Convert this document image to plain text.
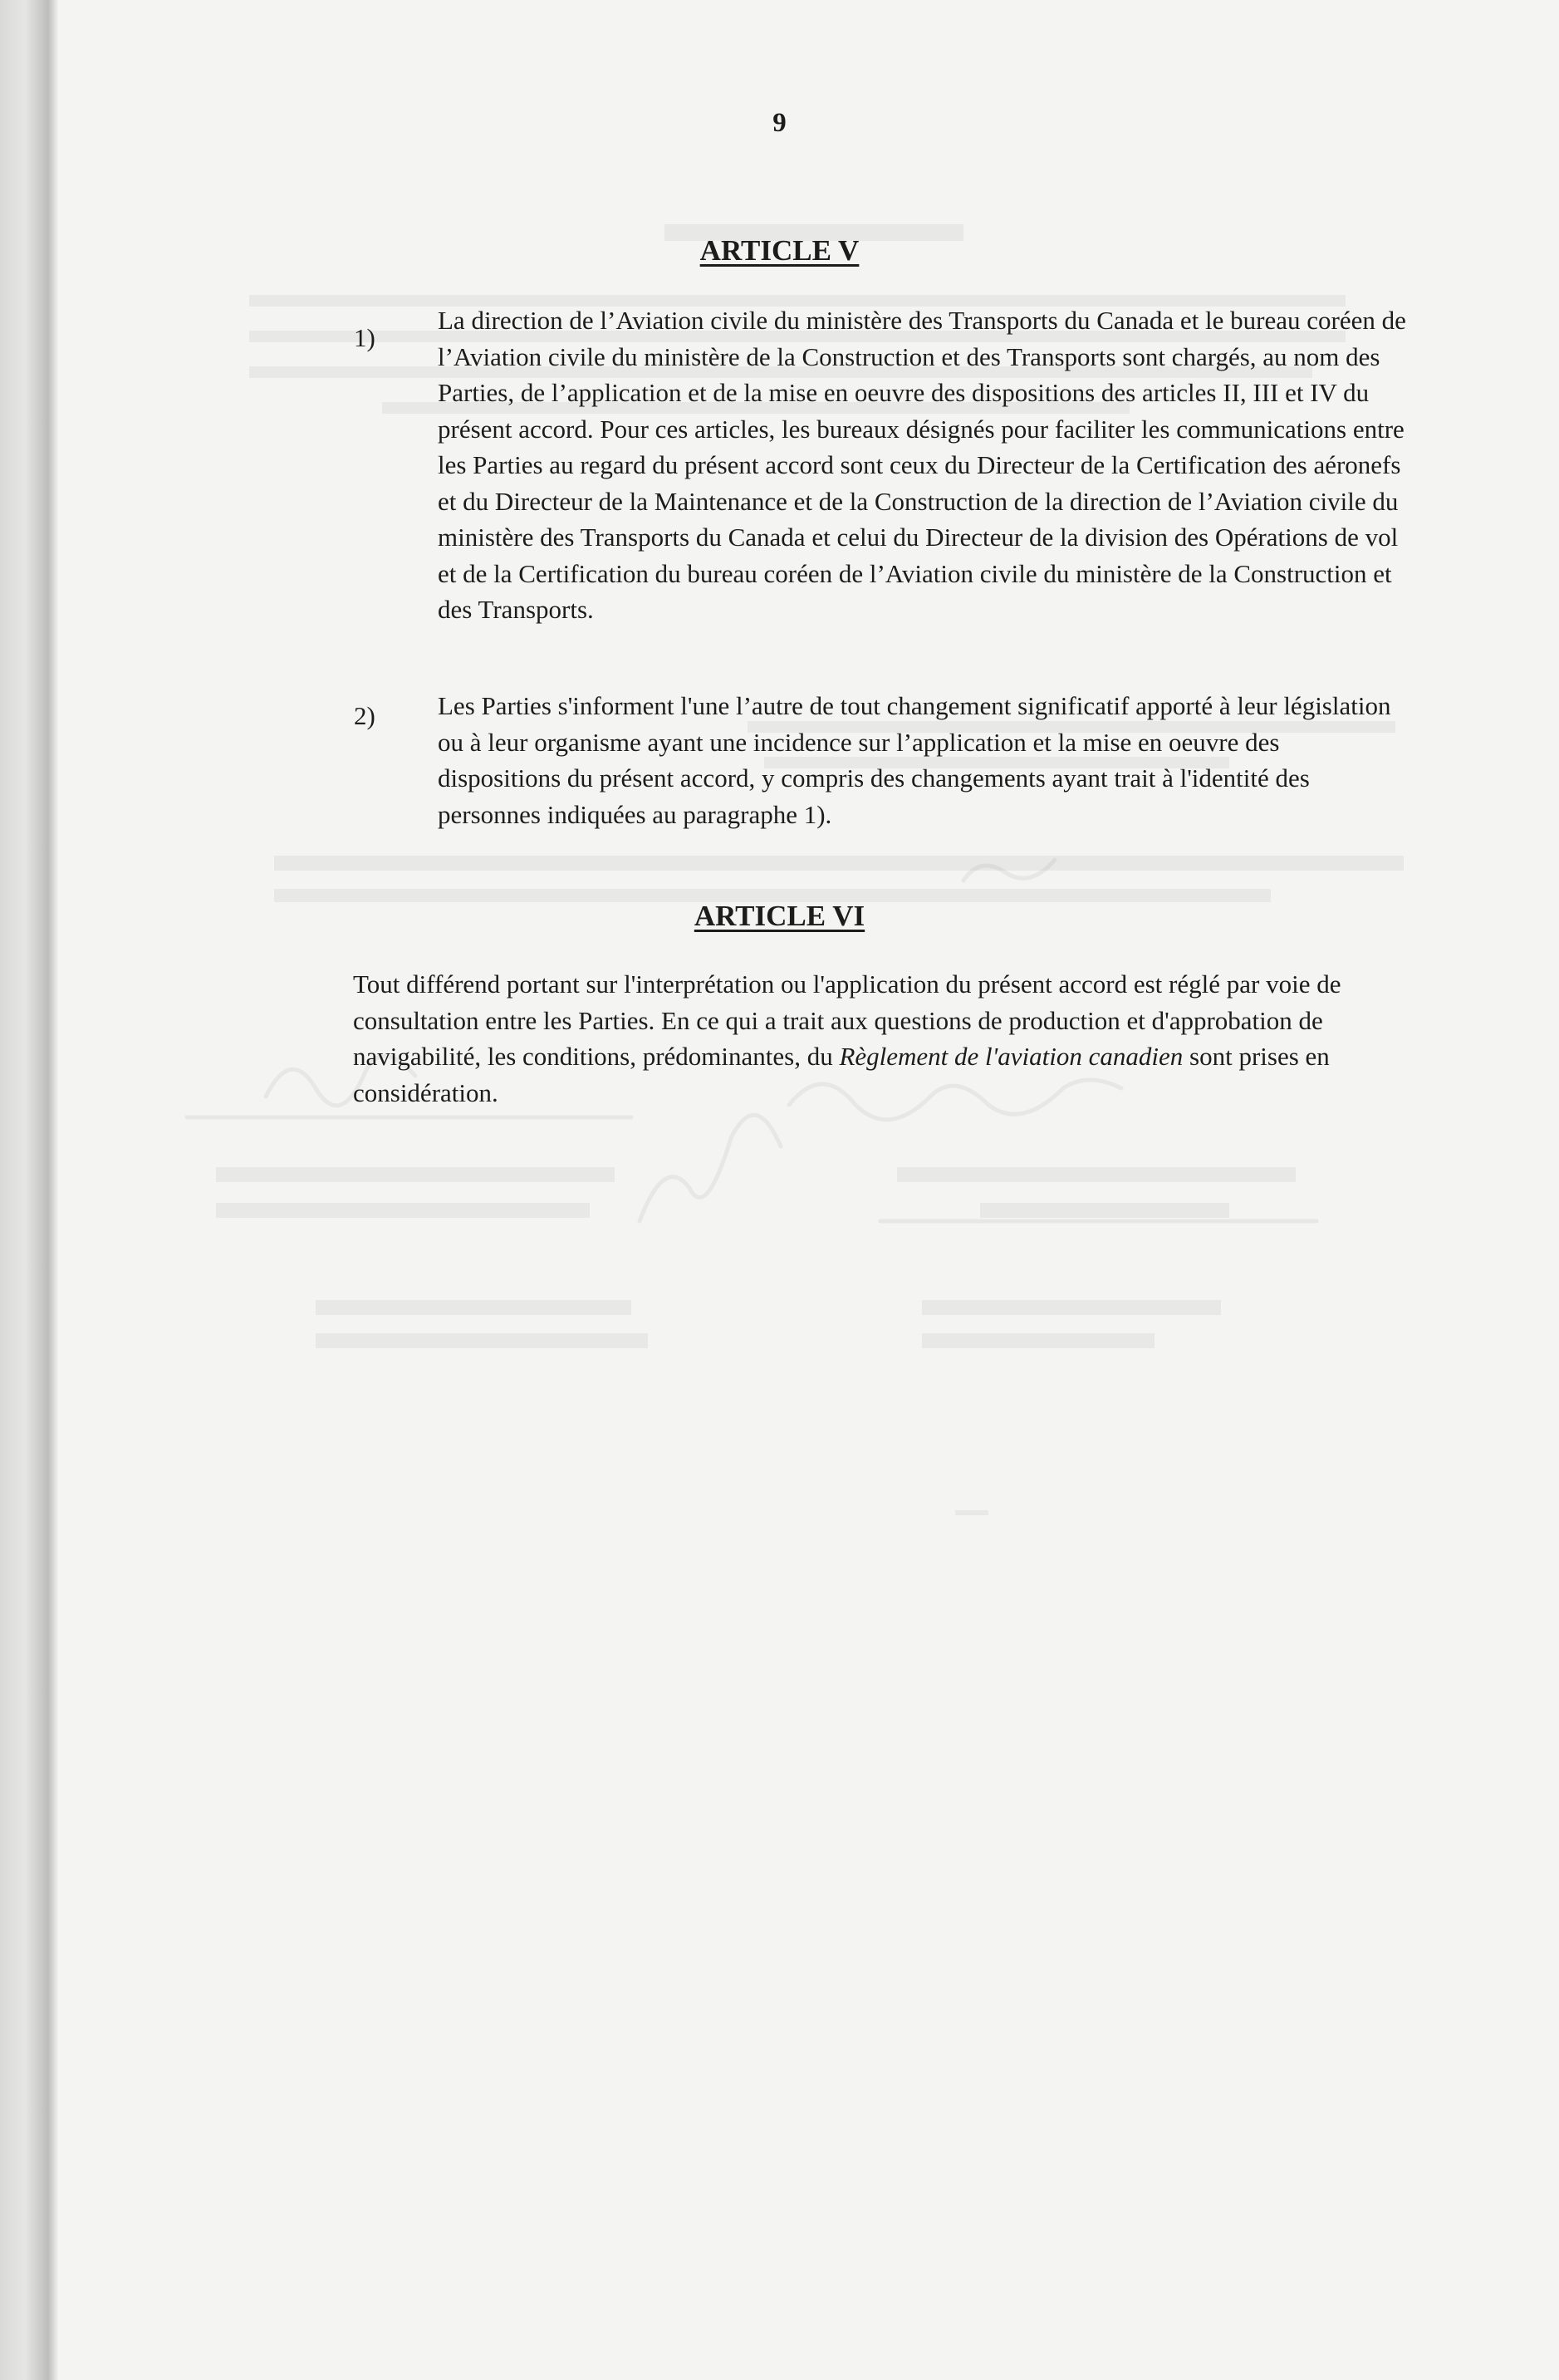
9
ARTICLE V
1)
La direction de l’Aviation civile du ministère des Transports du Canada et le bureau coréen de l’Aviation civile du ministère de la Construction et des Transports sont chargés, au nom des Parties, de l’application et de la mise en oeuvre des dispositions des articles II, III et IV du présent accord. Pour ces articles, les bureaux désignés pour faciliter les communications entre les Parties au regard du présent accord sont ceux du Directeur de la Certification des aéronefs et du Directeur de la Maintenance et de la Construction de la direction de l’Aviation civile du ministère des Transports du Canada et celui du Directeur de la division des Opérations de vol et de la Certification du bureau coréen de l’Aviation civile du ministère de la Construction et des Transports.
2) Les Parties s'informent l'une l’autre de tout changement significatif apporté à leur législation ou à leur organisme ayant une incidence sur l’application et la mise en oeuvre des dispositions du présent accord, y compris des changements ayant trait à l'identité des personnes indiquées au paragraphe 1).
ARTICLE VI
Tout différend portant sur l'interprétation ou l'application du présent accord est réglé par voie de consultation entre les Parties. En ce qui a trait aux questions de production et d'approbation de navigabilité, les conditions, prédominantes, du Règlement de l'aviation canadien sont prises en considération.
